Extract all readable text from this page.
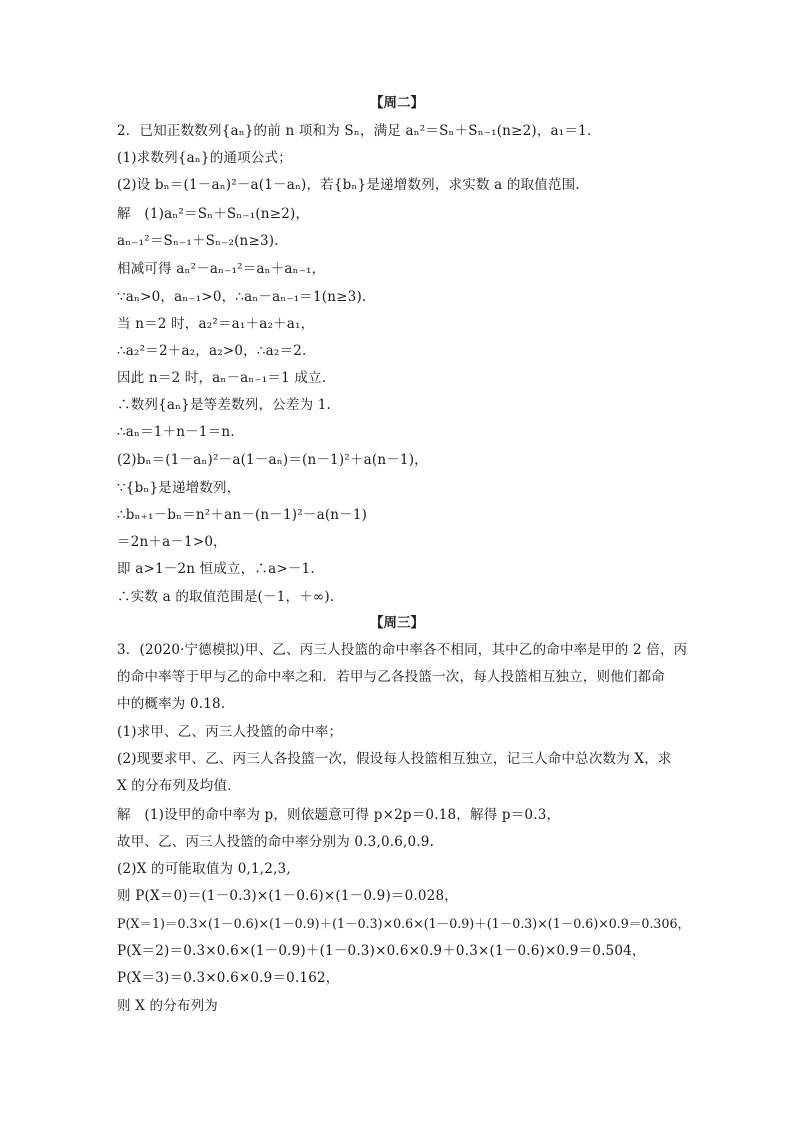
【周二】
2．已知正数数列{aₙ}的前 n 项和为 Sₙ，满足 aₙ²＝Sₙ＋Sₙ₋₁(n≥2)，a₁＝1.
(1)求数列{aₙ}的通项公式；
(2)设 bₙ＝(1－aₙ)²－a(1－aₙ)，若{bₙ}是递增数列，求实数 a 的取值范围.
解　(1)aₙ²＝Sₙ＋Sₙ₋₁(n≥2)，
aₙ₋₁²＝Sₙ₋₁＋Sₙ₋₂(n≥3).
相减可得 aₙ²－aₙ₋₁²＝aₙ＋aₙ₋₁，
∵aₙ>0，aₙ₋₁>0，∴aₙ－aₙ₋₁＝1(n≥3).
当 n＝2 时，a₂²＝a₁＋a₂＋a₁，
∴a₂²＝2＋a₂，a₂>0，∴a₂＝2.
因此 n＝2 时，aₙ－aₙ₋₁＝1 成立.
∴数列{aₙ}是等差数列，公差为 1.
∴aₙ＝1＋n－1＝n.
(2)bₙ＝(1－aₙ)²－a(1－aₙ)＝(n－1)²＋a(n－1)，
∵{bₙ}是递增数列，
∴bₙ₊₁－bₙ＝n²＋an－(n－1)²－a(n－1)
＝2n＋a－1>0，
即 a>1－2n 恒成立，∴a>－1.
∴实数 a 的取值范围是(－1，＋∞).
【周三】
3．(2020·宁德模拟)甲、乙、丙三人投篮的命中率各不相同，其中乙的命中率是甲的 2 倍，丙
的命中率等于甲与乙的命中率之和．若甲与乙各投篮一次，每人投篮相互独立，则他们都命
中的概率为 0.18.
(1)求甲、乙、丙三人投篮的命中率；
(2)现要求甲、乙、丙三人各投篮一次，假设每人投篮相互独立，记三人命中总次数为 X，求
X 的分布列及均值．
解　(1)设甲的命中率为 p，则依题意可得 p×2p＝0.18，解得 p＝0.3，
故甲、乙、丙三人投篮的命中率分别为 0.3,0.6,0.9.
(2)X 的可能取值为 0,1,2,3,
则 P(X＝0)＝(1－0.3)×(1－0.6)×(1－0.9)＝0.028，
P(X＝1)＝0.3×(1－0.6)×(1－0.9)＋(1－0.3)×0.6×(1－0.9)＋(1－0.3)×(1－0.6)×0.9＝0.306，
P(X＝2)＝0.3×0.6×(1－0.9)＋(1－0.3)×0.6×0.9＋0.3×(1－0.6)×0.9＝0.504，
P(X＝3)＝0.3×0.6×0.9＝0.162，
则 X 的分布列为
